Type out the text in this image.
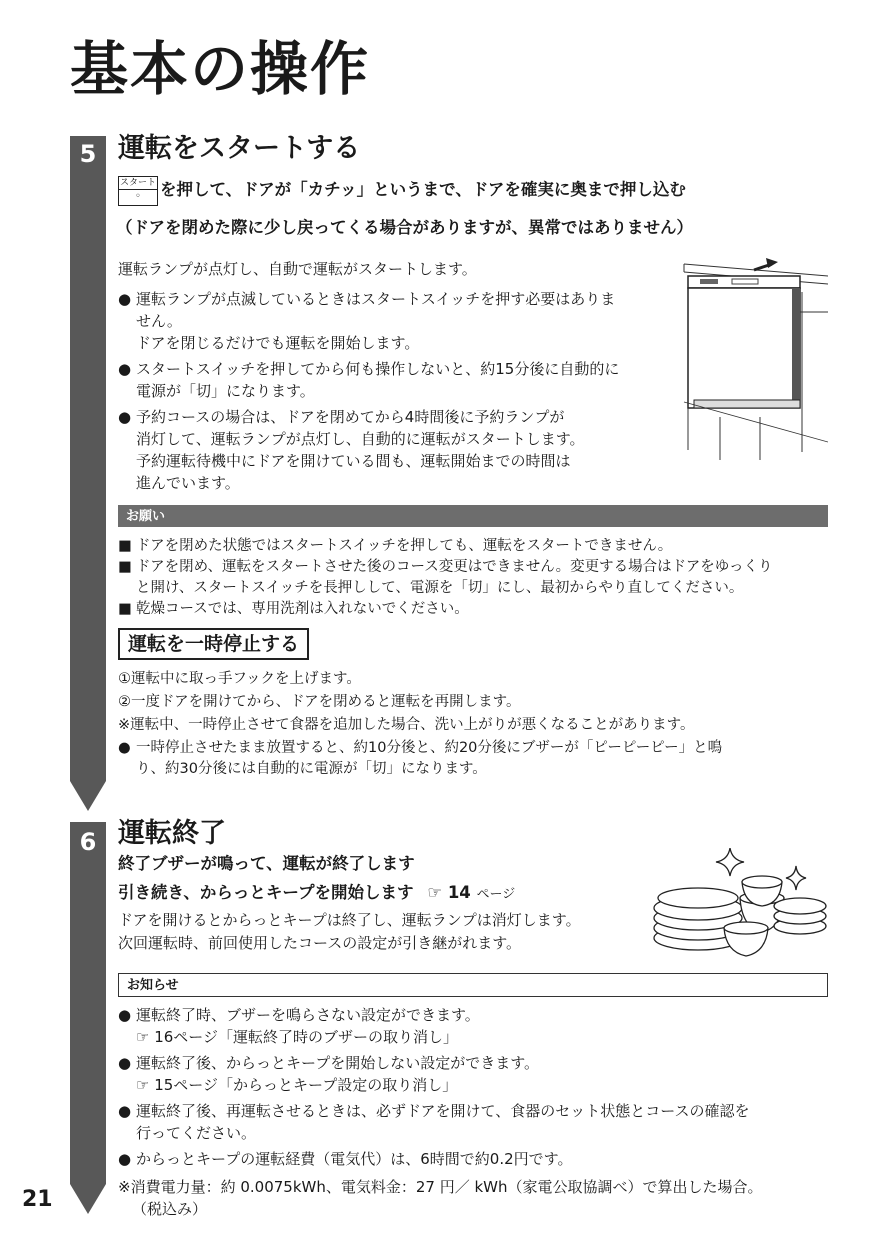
基本の操作
5 運転をスタートする
スタート
◦	を押して、ドアが「カチッ」というまで、ドアを確実に奥まで押し込む
（ドアを閉めた際に少し戻ってくる場合がありますが、異常ではありません）
運転ランプが点灯し、自動で運転がスタートします。
● 運転ランプが点滅しているときはスタートスイッチを押す必要はありま
せん。
ドアを閉じるだけでも運転を開始します。
● スタートスイッチを押してから何も操作しないと、約15分後に自動的に
電源が「切」になります。
● 予約コースの場合は、ドアを閉めてから4時間後に予約ランプが
消灯して、運転ランプが点灯し、自動的に運転がスタートします。
予約運転待機中にドアを開けている間も、運転開始までの時間は
進んでいます。
お願い
■ ドアを閉めた状態ではスタートスイッチを押しても、運転をスタートできません。
■ ドアを閉め、運転をスタートさせた後のコース変更はできません。変更する場合はドアをゆっくり
と開け、スタートスイッチを長押しして、電源を「切」にし、最初からやり直してください。
■ 乾燥コースでは、専用洗剤は入れないでください。
運転を一時停止する
①運転中に取っ手フックを上げます。
②一度ドアを開けてから、ドアを閉めると運転を再開します。
※運転中、一時停止させて食器を追加した場合、洗い上がりが悪くなることがあります。
● 一時停止させたまま放置すると、約10分後と、約20分後にブザーが「ピーピーピー」と鳴
り、約30分後には自動的に電源が「切」になります。
6 運転終了
終了ブザーが鳴って、運転が終了します
引き続き、からっとキープを開始します ☞ 14 ページ
ドアを開けるとからっとキープは終了し、運転ランプは消灯します。
次回運転時、前回使用したコースの設定が引き継がれます。
お知らせ
● 運転終了時、ブザーを鳴らさない設定ができます。
☞ 16ページ「運転終了時のブザーの取り消し」
● 運転終了後、からっとキープを開始しない設定ができます。
☞ 15ページ「からっとキープ設定の取り消し」
● 運転終了後、再運転させるときは、必ずドアを開けて、食器のセット状態とコースの確認を
行ってください。
● からっとキープの運転経費（電気代）は、6時間で約0.2円です。
※消費電力量：約 0.0075kWh、電気料金：27 円／ kWh（家電公取協調べ）で算出した場合。
（税込み）
21
